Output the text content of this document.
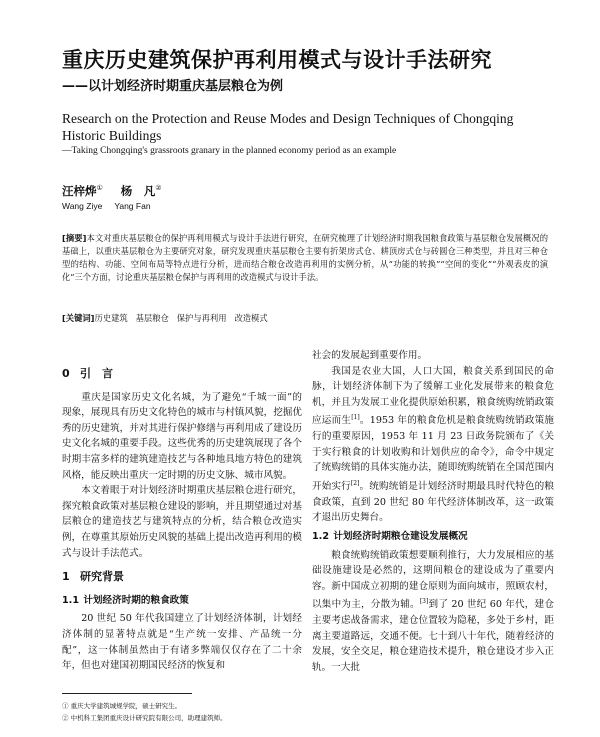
重庆历史建筑保护再利用模式与设计手法研究
——以计划经济时期重庆基层粮仓为例
Research on the Protection and Reuse Modes and Design Techniques of Chongqing
Historic Buildings
—Taking Chongqing's grassroots granary in the planned economy period as an example
汪梓烨① 杨　凡②
Wang Ziye Yang Fan
[摘要]本文对重庆基层粮仓的保护再利用模式与设计手法进行研究，在研究梳理了计划经济时期我国粮食政策与基层粮仓发展概况的基础上，以重庆基层粮仓为主要研究对象，研究发现重庆基层粮仓主要有折架房式仓、耕顶房式仓与砖圆仓三种类型，并且对三种仓型的结构、功能、空间布局等特点进行分析，进而结合粮仓改造再利用的实例分析，从“功能的转换”“空间的变化”“外观表皮的演化”三个方面，讨论重庆基层粮仓保护与再利用的改造模式与设计手法。
[关键词]历史建筑 基层粮仓 保护与再利用 改造模式
0 引　言

重庆是国家历史文化名城，为了避免“千城一面”的现象，展现具有历史文化特色的城市与村镇风貌，挖掘优秀的历史建筑，并对其进行保护修缮与再利用成了建设历史文化名城的重要手段。这些优秀的历史建筑展现了各个时期丰富多样的建筑建造技艺与各种地具地方特色的建筑风格，能反映出重庆一定时期的历史文脉、城市风貌。

本文着眼于对计划经济时期重庆基层粮仓进行研究，探究粮食政策对基层粮仓建设的影响，并且期望通过对基层粮仓的建造技艺与建筑特点的分析，结合粮仓改造实例，在尊重其原始历史风貌的基础上提出改造再利用的模式与设计手法范式。

1 研究背景
1.1 计划经济时期的粮食政策

20 世纪 50 年代我国建立了计划经济体制，计划经济体制的显著特点就是“生产统一安排、产品统一分配”，这一体制虽然由于有诸多弊端仅仅存在了二十余年，但也对建国初期国民经济的恢复和

社会的发展起到重要作用。

我国是农业大国，人口大国，粮食关系到国民的命脉，计划经济体制下为了缓解工业化发展带来的粮食危机，并且为发展工业化提供原始积累，粮食统购统销政策应运而生[1]。1953 年的粮食危机是粮食统购统销政策施行的重要原因，1953 年 11 月 23 日政务院颁布了《关于实行粮食的计划收购和计划供应的命令》，命令中规定了统购统销的具体实施办法，随即统购统销在全国范围内开始实行[2]。统购统销是计划经济时期最具时代特色的粮食政策，直到 20 世纪 80 年代经济体制改革，这一政策才退出历史舞台。

1.2 计划经济时期粮仓建设发展概况

粮食统购统销政策想要顺利推行，大力发展相应的基础设施建设是必然的，这期间粮仓的建设成为了重要内容。新中国成立初期的建仓原则为面向城市，照顾农村，以集中为主，分散为辅。[3]到了 20 世纪 60 年代，建仓主要考虑战备需求，建仓位置较为隐秘，多处于乡村，距离主要道路远，交通不便。七十到八十年代，随着经济的发展，安全交足，粮仓建造技术提升，粮仓建设才步入正轨。一大批

① 重庆大学建筑城规学院，硕士研究生。
② 中机科工集团重庆设计研究院有限公司，助理建筑师。
